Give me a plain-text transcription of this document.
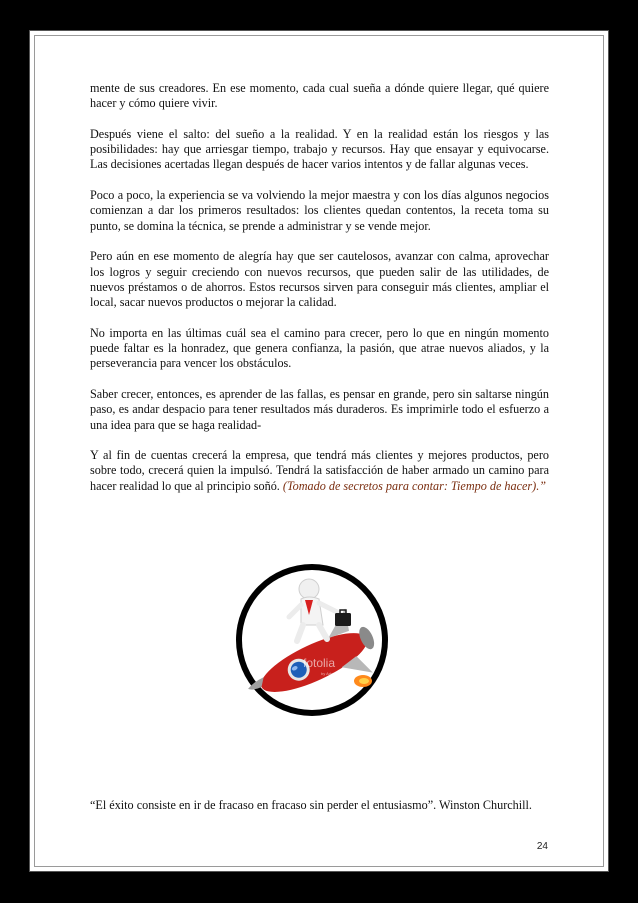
mente de sus creadores. En ese momento, cada cual sueña a dónde quiere llegar, qué quiere hacer y cómo quiere vivir.

Después viene el salto: del sueño a la realidad. Y en la realidad están los riesgos y las posibilidades: hay que arriesgar tiempo, trabajo y recursos. Hay que ensayar y equivocarse. Las decisiones acertadas llegan después de hacer varios intentos y de fallar algunas veces.

Poco a poco, la experiencia se va volviendo la mejor maestra y con los días algunos negocios comienzan a dar los primeros resultados: los clientes quedan contentos, la receta toma su punto, se domina la técnica, se prende a administrar y se vende mejor.

Pero aún en ese momento de alegría hay que ser cautelosos, avanzar con calma, aprovechar los logros y seguir creciendo con nuevos recursos, que pueden salir de las utilidades, de nuevos préstamos o de ahorros. Estos recursos sirven para conseguir más clientes, ampliar el local, sacar nuevos productos o mejorar la calidad.

No importa en las últimas cuál sea el camino para crecer, pero lo que en ningún momento puede faltar es la honradez, que genera confianza, la pasión, que atrae nuevos aliados, y la perseverancia para vencer los obstáculos.

Saber crecer, entonces, es aprender de las fallas, es pensar en grande, pero sin saltarse ningún paso, es andar despacio para tener resultados más duraderos. Es imprimirle todo el esfuerzo a una idea para que se haga realidad-

Y al fin de cuentas crecerá la empresa, que tendrá más clientes y mejores productos, pero sobre todo, crecerá quien la impulsó. Tendrá la satisfacción de haber armado un camino para hacer realidad lo que al principio soñó. (Tomado de secretos para contar: Tiempo de hacer).”

fotolia
by Adobe

“El éxito consiste en ir de fracaso en fracaso sin perder el entusiasmo”. Winston Churchill.

24
